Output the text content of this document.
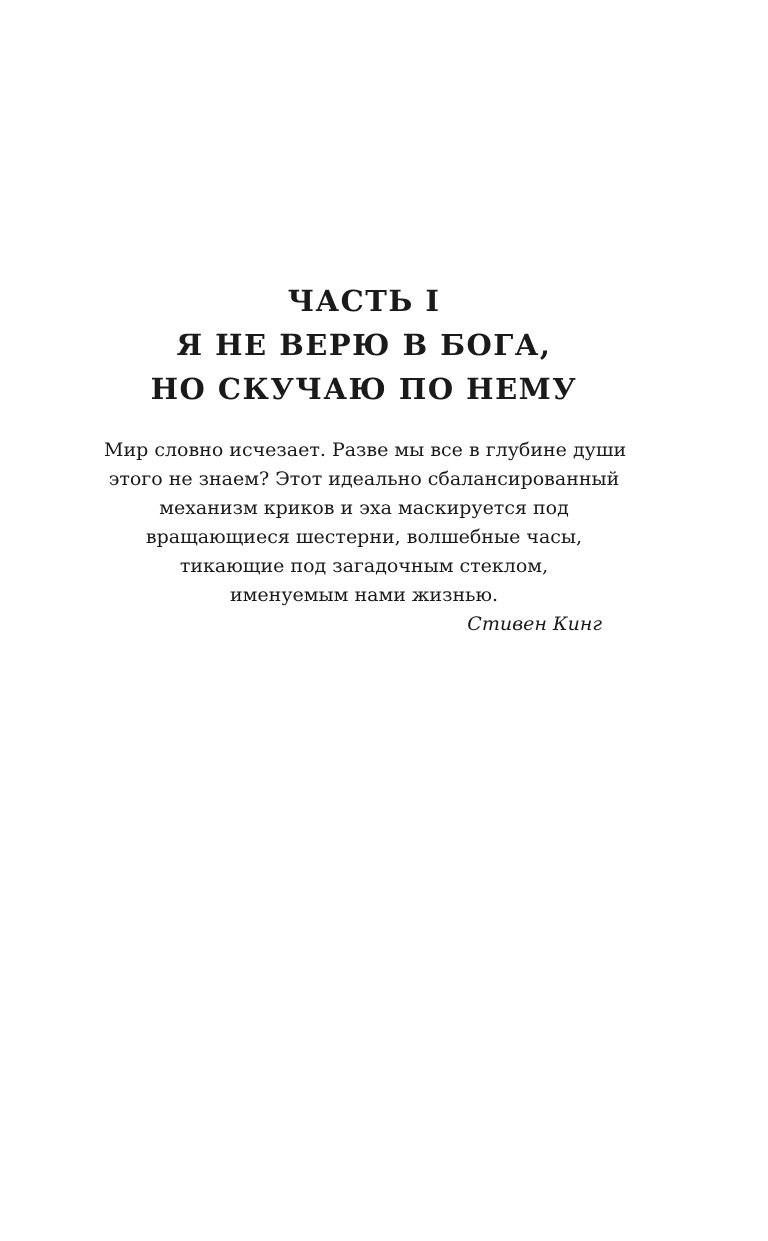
ЧАСТЬ I
Я НЕ ВЕРЮ В БОГА,
НО СКУЧАЮ ПО НЕМУ
Мир словно исчезает. Разве мы все в глубине души
этого не знаем? Этот идеально сбалансированный
механизм криков и эха маскируется под
вращающиеся шестерни, волшебные часы,
тикающие под загадочным стеклом,
именуемым нами жизнью.
Стивен Кинг
